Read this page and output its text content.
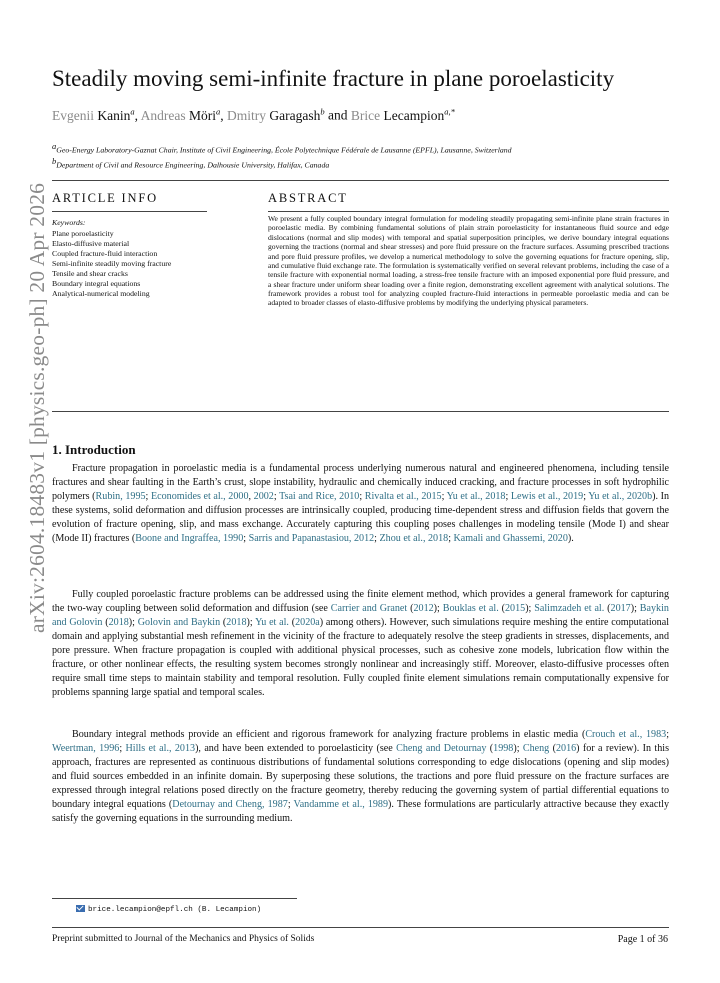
arXiv:2604.18483v1 [physics.geo-ph] 20 Apr 2026
Steadily moving semi-infinite fracture in plane poroelasticity
Evgenii Kanin$^a$, Andreas Möri$^a$, Dmitry Garagash$^b$ and Brice Lecampion$^{a,*}$
aGeo-Energy Laboratory-Gaznat Chair, Institute of Civil Engineering, École Polytechnique Fédérale de Lausanne (EPFL), Lausanne, Switzerland
bDepartment of Civil and Resource Engineering, Dalhousie University, Halifax, Canada
ARTICLE INFO	ABSTRACT
Keywords:
Plane poroelasticity
Elasto-diffusive material
Coupled fracture-fluid interaction
Semi-infinite steadily moving fracture
Tensile and shear cracks
Boundary integral equations
Analytical-numerical modeling
We present a fully coupled boundary integral formulation for modeling steadily propagating semi-infinite plane strain fractures in poroelastic media. By combining fundamental solutions of plain strain poroelasticity for instantaneous fluid source and edge dislocations (normal and slip modes) with temporal and spatial superposition principles, we derive boundary integral equations governing the tractions (normal and shear stresses) and pore fluid pressure on the fracture surfaces. Assuming prescribed tractions and pore fluid pressure profiles, we develop a numerical methodology to solve the governing equations for fracture opening, slip, and cumulative fluid exchange rate. The formulation is systematically verified on several relevant problems, including the case of a tensile fracture with exponential normal loading, a stress-free tensile fracture with an imposed exponential pore fluid pressure, and a shear fracture under uniform shear loading over a finite region, demonstrating excellent agreement with analytical solutions. The framework provides a robust tool for analyzing coupled fracture-fluid interactions in permeable poroelastic media and can be adapted to broader classes of elasto-diffusive problems by modifying the underlying physical parameters.
1. Introduction
Fracture propagation in poroelastic media is a fundamental process underlying numerous natural and engineered phenomena, including tensile fractures and shear faulting in the Earth’s crust, slope instability, hydraulic and chemically induced cracking, and fracture processes in soft hydrophilic polymers (Rubin, 1995; Economides et al., 2000, 2002; Tsai and Rice, 2010; Rivalta et al., 2015; Yu et al., 2018; Lewis et al., 2019; Yu et al., 2020b). In these systems, solid deformation and diffusion processes are intrinsically coupled, producing time-dependent stress and diffusion fields that govern the evolution of fracture opening, slip, and mass exchange. Accurately capturing this coupling poses challenges in modeling tensile (Mode I) and shear (Mode II) fractures (Boone and Ingraffea, 1990; Sarris and Papanastasiou, 2012; Zhou et al., 2018; Kamali and Ghassemi, 2020).
Fully coupled poroelastic fracture problems can be addressed using the finite element method, which provides a general framework for capturing the two-way coupling between solid deformation and diffusion (see Carrier and Granet (2012); Bouklas et al. (2015); Salimzadeh et al. (2017); Baykin and Golovin (2018); Golovin and Baykin (2018); Yu et al. (2020a) among others). However, such simulations require meshing the entire computational domain and applying substantial mesh refinement in the vicinity of the fracture to adequately resolve the steep gradients in stresses, displacements, and pore pressure. When fracture propagation is coupled with additional physical processes, such as cohesive zone models, lubrication flow within the fracture, or other nonlinear effects, the resulting system becomes strongly nonlinear and increasingly stiff. Moreover, elasto-diffusive processes often require small time steps to maintain stability and temporal resolution. Fully coupled finite element simulations remain computationally expensive for problems spanning large spatial and temporal scales.
Boundary integral methods provide an efficient and rigorous framework for analyzing fracture problems in elastic media (Crouch et al., 1983; Weertman, 1996; Hills et al., 2013), and have been extended to poroelasticity (see Cheng and Detournay (1998); Cheng (2016) for a review). In this approach, fractures are represented as continuous distributions of fundamental solutions corresponding to edge dislocations (opening and slip modes) and fluid sources embedded in an infinite domain. By superposing these solutions, the tractions and pore fluid pressure on the fracture surfaces are expressed through integral relations posed directly on the fracture geometry, thereby reducing the governing system of partial differential equations to boundary integral equations (Detournay and Cheng, 1987; Vandamme et al., 1989). These formulations are particularly attractive because they exactly satisfy the governing equations in the surrounding medium.
brice.lecampion@epfl.ch (B. Lecampion)
Preprint submitted to Journal of the Mechanics and Physics of Solids	Page 1 of 36
